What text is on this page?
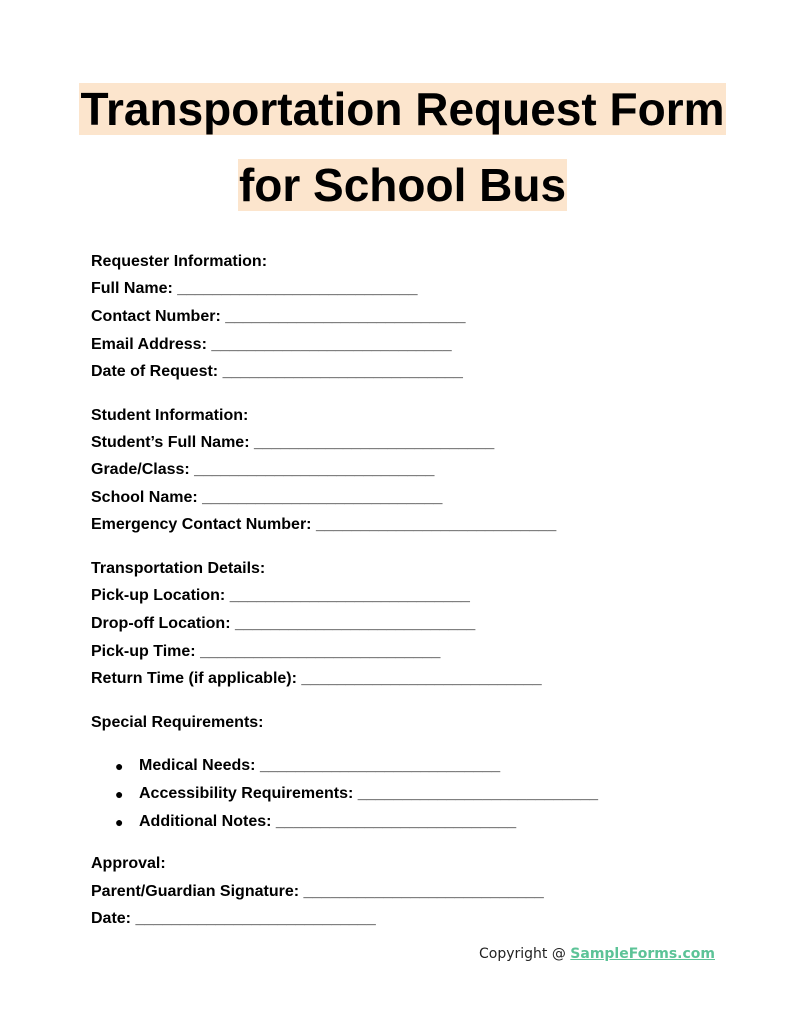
Transportation Request Form
for School Bus
Requester Information:
Full Name: ___________________________
Contact Number: ___________________________
Email Address: ___________________________
Date of Request: ___________________________
Student Information:
Student’s Full Name: ___________________________
Grade/Class: ___________________________
School Name: ___________________________
Emergency Contact Number: ___________________________
Transportation Details:
Pick-up Location: ___________________________
Drop-off Location: ___________________________
Pick-up Time: ___________________________
Return Time (if applicable): ___________________________
Special Requirements:
● Medical Needs: ___________________________
● Accessibility Requirements: ___________________________
● Additional Notes: ___________________________
Approval:
Parent/Guardian Signature: ___________________________
Date: ___________________________
Copyright @ SampleForms.com
